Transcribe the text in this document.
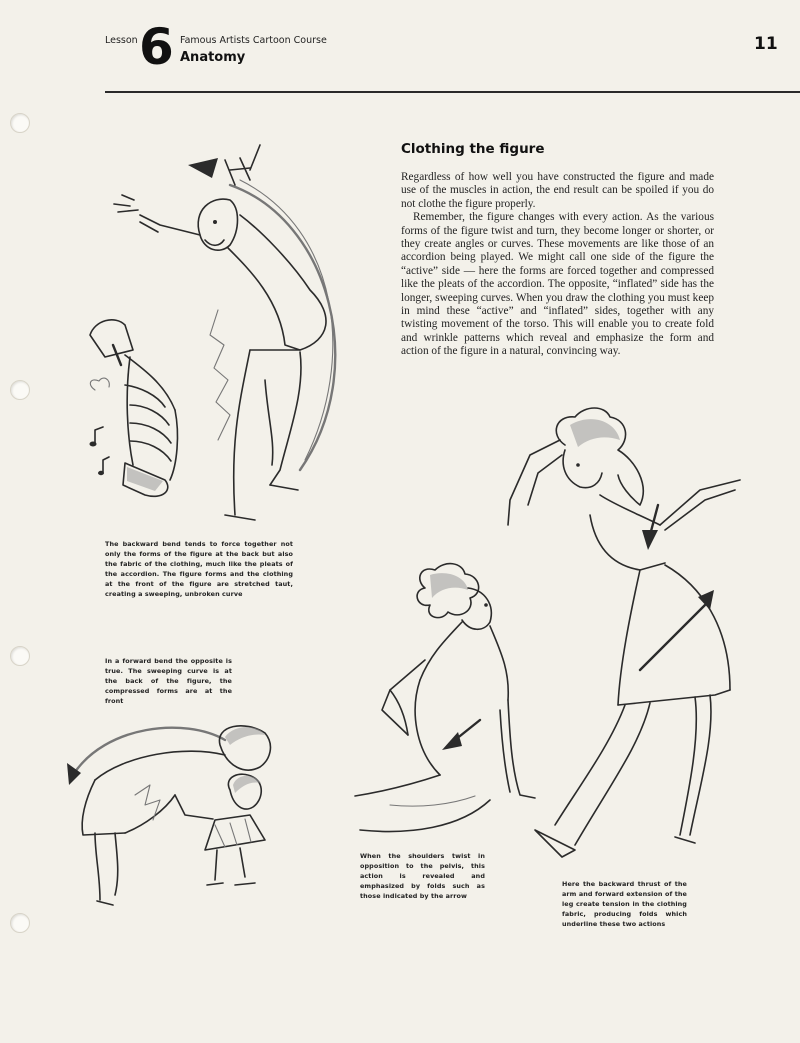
Lesson 6 Famous Artists Cartoon Course
Anatomy
11
Clothing the figure

Regardless of how well you have constructed the figure and made use of the muscles in action, the end result can be spoiled if you do not clothe the figure properly.

Remember, the figure changes with every action. As the various forms of the figure twist and turn, they become longer or shorter, or they create angles or curves. These movements are like those of an accordion being played. We might call one side of the figure the “active” side — here the forms are forced together and compressed like the pleats of the accordion. The opposite, “inflated” side has the longer, sweeping curves. When you draw the clothing you must keep in mind these “active” and “inflated” sides, together with any twisting movement of the torso. This will enable you to create fold and wrinkle patterns which reveal and emphasize the form and action of the figure in a natural, convincing way.

The backward bend tends to force together not only the forms of the figure at the back but also the fabric of the clothing, much like the pleats of the accordion. The figure forms and the clothing at the front of the figure are stretched taut, creating a sweeping, unbroken curve
In a forward bend the opposite is true. The sweeping curve is at the back of the figure, the compressed forms are at the front
When the shoulders twist in opposition to the pelvis, this action is revealed and emphasized by folds such as those indicated by the arrow
Here the backward thrust of the arm and forward extension of the leg create tension in the clothing fabric, producing folds which underline these two actions
